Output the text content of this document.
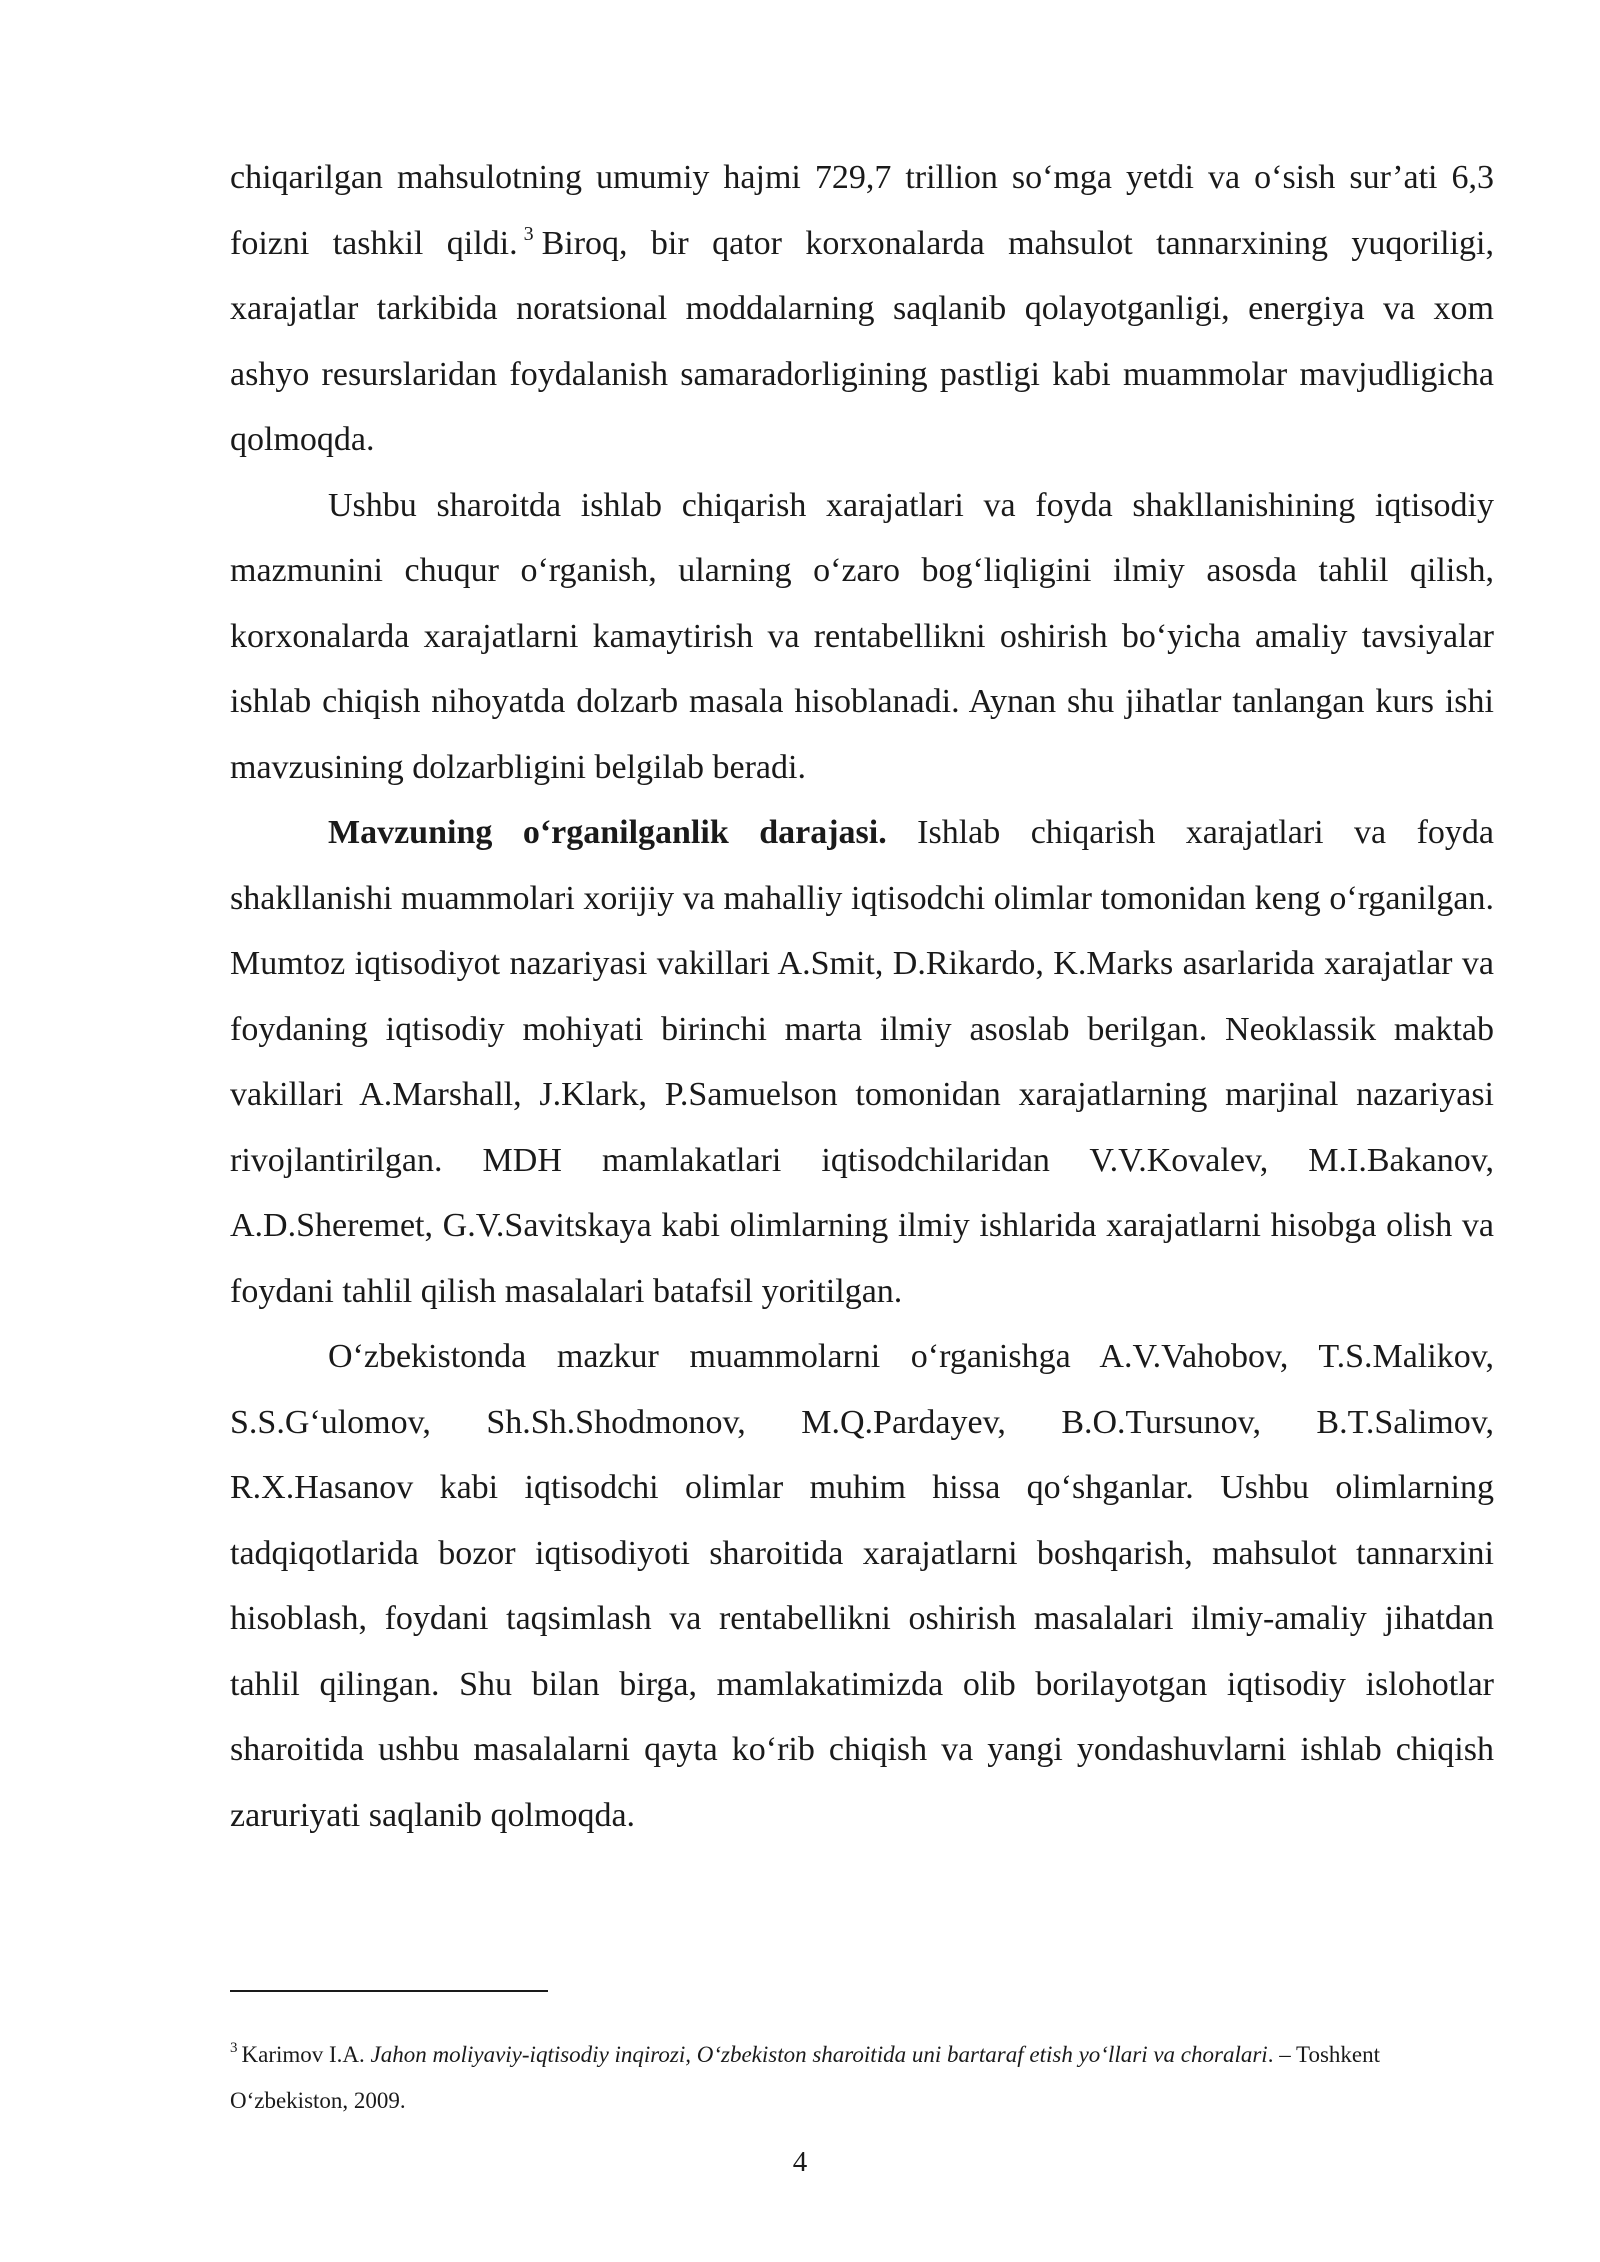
chiqarilgan mahsulotning umumiy hajmi 729,7 trillion so‘mga yetdi va o‘sish sur’ati 6,3 foizni tashkil qildi. $^3$ Biroq, bir qator korxonalarda mahsulot tannarxining yuqoriligi, xarajatlar tarkibida noratsional moddalarning saqlanib qolayotganligi, energiya va xom ashyo resurslaridan foydalanish samaradorligining pastligi kabi muammolar mavjudligicha qolmoqda.

Ushbu sharoitda ishlab chiqarish xarajatlari va foyda shakllanishining iqtisodiy mazmunini chuqur o‘rganish, ularning o‘zaro bog‘liqligini ilmiy asosda tahlil qilish, korxonalarda xarajatlarni kamaytirish va rentabellikni oshirish bo‘yicha amaliy tavsiyalar ishlab chiqish nihoyatda dolzarb masala hisoblanadi. Aynan shu jihatlar tanlangan kurs ishi mavzusining dolzarbligini belgilab beradi.

Mavzuning o‘rganilganlik darajasi. Ishlab chiqarish xarajatlari va foyda shakllanishi muammolari xorijiy va mahalliy iqtisodchi olimlar tomonidan keng o‘rganilgan. Mumtoz iqtisodiyot nazariyasi vakillari A.Smit, D.Rikardo, K.Marks asarlarida xarajatlar va foydaning iqtisodiy mohiyati birinchi marta ilmiy asoslab berilgan. Neoklassik maktab vakillari A.Marshall, J.Klark, P.Samuelson tomonidan xarajatlarning marjinal nazariyasi rivojlantirilgan. MDH mamlakatlari iqtisodchilaridan V.V.Kovalev, M.I.Bakanov, A.D.Sheremet, G.V.Savitskaya kabi olimlarning ilmiy ishlarida xarajatlarni hisobga olish va foydani tahlil qilish masalalari batafsil yoritilgan.

O‘zbekistonda mazkur muammolarni o‘rganishga A.V.Vahobov, T.S.Malikov, S.S.G‘ulomov, Sh.Sh.Shodmonov, M.Q.Pardayev, B.O.Tursunov, B.T.Salimov, R.X.Hasanov kabi iqtisodchi olimlar muhim hissa qo‘shganlar. Ushbu olimlarning tadqiqotlarida bozor iqtisodiyoti sharoitida xarajatlarni boshqarish, mahsulot tannarxini hisoblash, foydani taqsimlash va rentabellikni oshirish masalalari ilmiy-amaliy jihatdan tahlil qilingan. Shu bilan birga, mamlakatimizda olib borilayotgan iqtisodiy islohotlar sharoitida ushbu masalalarni qayta ko‘rib chiqish va yangi yondashuvlarni ishlab chiqish zaruriyati saqlanib qolmoqda.

$^3$ Karimov I.A. Jahon moliyaviy-iqtisodiy inqirozi, O‘zbekiston sharoitida uni bartaraf etish yo‘llari va choralari. – Toshkent O‘zbekiston, 2009.

4
